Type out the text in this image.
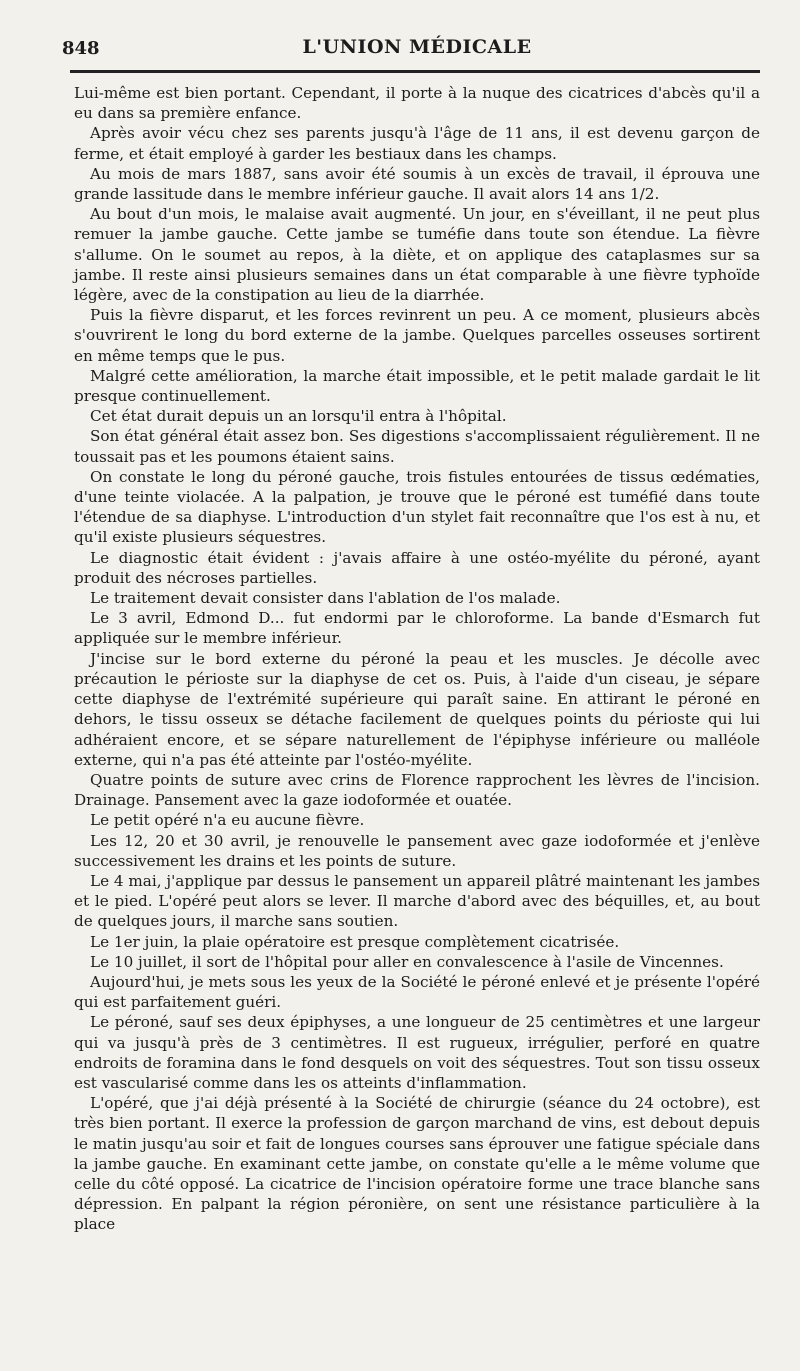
848	L'UNION MÉDICALE

Lui-même est bien portant. Cependant, il porte à la nuque des cicatrices d'abcès qu'il a eu dans sa première enfance.

Après avoir vécu chez ses parents jusqu'à l'âge de 11 ans, il est devenu garçon de ferme, et était employé à garder les bestiaux dans les champs.

Au mois de mars 1887, sans avoir été soumis à un excès de travail, il éprouva une grande lassitude dans le membre inférieur gauche. Il avait alors 14 ans 1/2.

Au bout d'un mois, le malaise avait augmenté. Un jour, en s'éveillant, il ne peut plus remuer la jambe gauche. Cette jambe se tuméfie dans toute son étendue. La fièvre s'allume. On le soumet au repos, à la diète, et on applique des cataplasmes sur sa jambe. Il reste ainsi plusieurs semaines dans un état comparable à une fièvre typhoïde légère, avec de la constipation au lieu de la diarrhée.

Puis la fièvre disparut, et les forces revinrent un peu. A ce moment, plusieurs abcès s'ouvrirent le long du bord externe de la jambe. Quelques parcelles osseuses sortirent en même temps que le pus.

Malgré cette amélioration, la marche était impossible, et le petit malade gardait le lit presque continuellement.

Cet état durait depuis un an lorsqu'il entra à l'hôpital.

Son état général était assez bon. Ses digestions s'accomplissaient régulièrement. Il ne toussait pas et les poumons étaient sains.

On constate le long du péroné gauche, trois fistules entourées de tissus œdématies, d'une teinte violacée. A la palpation, je trouve que le péroné est tuméfié dans toute l'étendue de sa diaphyse. L'introduction d'un stylet fait reconnaître que l'os est à nu, et qu'il existe plusieurs séquestres.

Le diagnostic était évident : j'avais affaire à une ostéo-myélite du péroné, ayant produit des nécroses partielles.

Le traitement devait consister dans l'ablation de l'os malade.

Le 3 avril, Edmond D... fut endormi par le chloroforme. La bande d'Esmarch fut appliquée sur le membre inférieur.

J'incise sur le bord externe du péroné la peau et les muscles. Je décolle avec précaution le périoste sur la diaphyse de cet os. Puis, à l'aide d'un ciseau, je sépare cette diaphyse de l'extrémité supérieure qui paraît saine. En attirant le péroné en dehors, le tissu osseux se détache facilement de quelques points du périoste qui lui adhéraient encore, et se sépare naturellement de l'épiphyse inférieure ou malléole externe, qui n'a pas été atteinte par l'ostéo-myélite.

Quatre points de suture avec crins de Florence rapprochent les lèvres de l'incision. Drainage. Pansement avec la gaze iodoformée et ouatée.

Le petit opéré n'a eu aucune fièvre.

Les 12, 20 et 30 avril, je renouvelle le pansement avec gaze iodoformée et j'enlève successivement les drains et les points de suture.

Le 4 mai, j'applique par dessus le pansement un appareil plâtré maintenant les jambes et le pied. L'opéré peut alors se lever. Il marche d'abord avec des béquilles, et, au bout de quelques jours, il marche sans soutien.

Le 1er juin, la plaie opératoire est presque complètement cicatrisée.

Le 10 juillet, il sort de l'hôpital pour aller en convalescence à l'asile de Vincennes.

Aujourd'hui, je mets sous les yeux de la Société le péroné enlevé et je présente l'opéré qui est parfaitement guéri.

Le péroné, sauf ses deux épiphyses, a une longueur de 25 centimètres et une largeur qui va jusqu'à près de 3 centimètres. Il est rugueux, irrégulier, perforé en quatre endroits de foramina dans le fond desquels on voit des séquestres. Tout son tissu osseux est vascularisé comme dans les os atteints d'inflammation.

L'opéré, que j'ai déjà présenté à la Société de chirurgie (séance du 24 octobre), est très bien portant. Il exerce la profession de garçon marchand de vins, est debout depuis le matin jusqu'au soir et fait de longues courses sans éprouver une fatigue spéciale dans la jambe gauche. En examinant cette jambe, on constate qu'elle a le même volume que celle du côté opposé. La cicatrice de l'incision opératoire forme une trace blanche sans dépression. En palpant la région péronière, on sent une résistance particulière à la place
